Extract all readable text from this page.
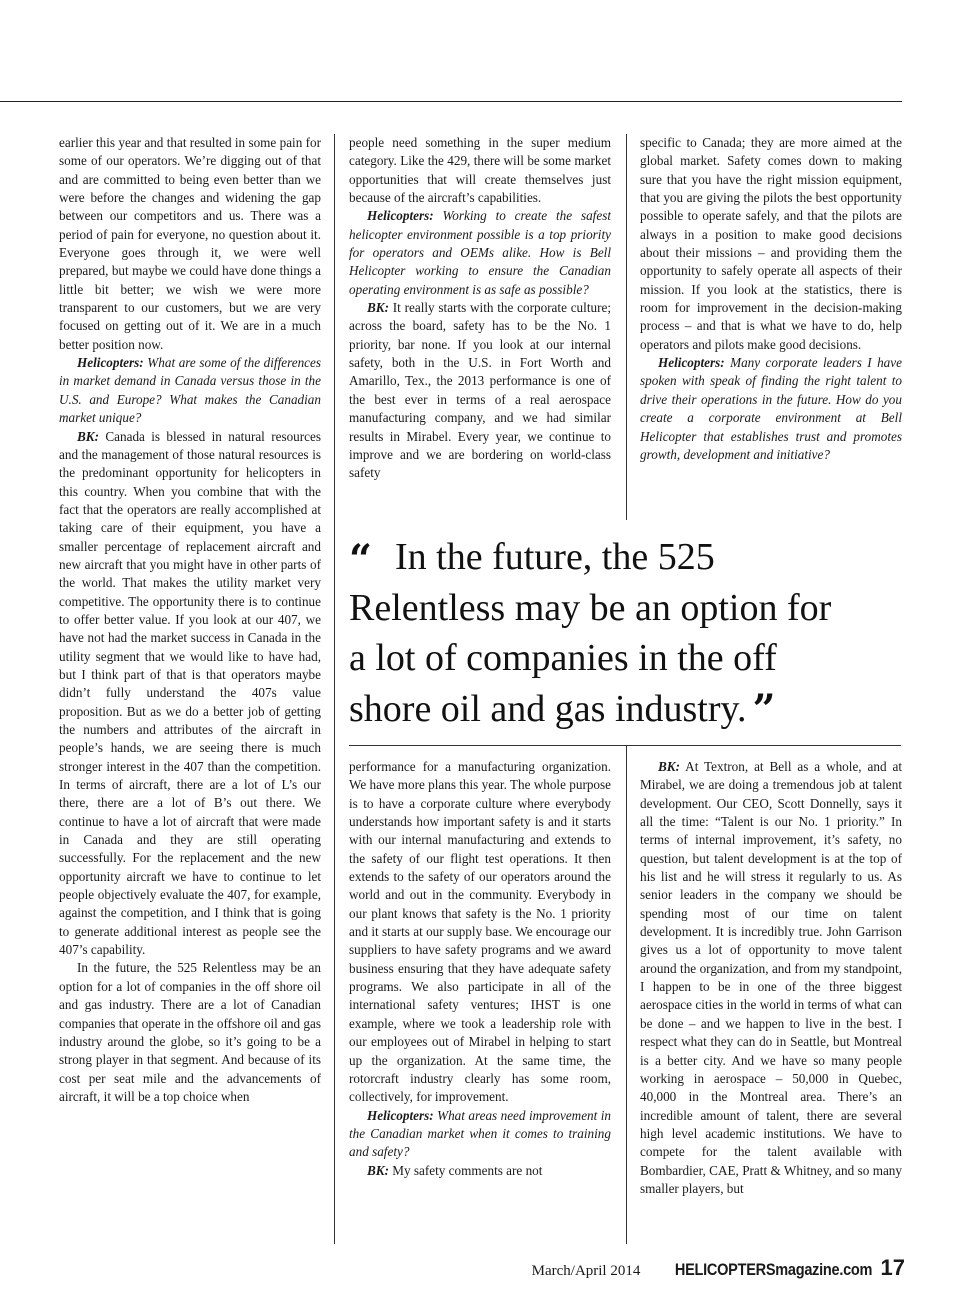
earlier this year and that resulted in some pain for some of our operators. We’re digging out of that and are committed to being even better than we were before the changes and widening the gap between our competitors and us. There was a period of pain for everyone, no question about it. Everyone goes through it, we were well prepared, but maybe we could have done things a little bit better; we wish we were more transparent to our customers, but we are very focused on getting out of it. We are in a much better position now.

Helicopters: What are some of the differences in market demand in Canada versus those in the U.S. and Europe? What makes the Canadian market unique?

BK: Canada is blessed in natural resources and the management of those natural resources is the predominant opportunity for helicopters in this country. When you combine that with the fact that the operators are really accomplished at taking care of their equipment, you have a smaller percentage of replacement aircraft and new aircraft that you might have in other parts of the world. That makes the utility market very competitive. The opportunity there is to continue to offer better value. If you look at our 407, we have not had the market success in Canada in the utility segment that we would like to have had, but I think part of that is that operators maybe didn’t fully understand the 407s value proposition. But as we do a better job of getting the numbers and attributes of the aircraft in people’s hands, we are seeing there is much stronger interest in the 407 than the competition. In terms of aircraft, there are a lot of L’s our there, there are a lot of B’s out there. We continue to have a lot of aircraft that were made in Canada and they are still operating successfully. For the replacement and the new opportunity aircraft we have to continue to let people objectively evaluate the 407, for example, against the competition, and I think that is going to generate additional interest as people see the 407’s capability.

In the future, the 525 Relentless may be an option for a lot of companies in the off shore oil and gas industry. There are a lot of Canadian companies that operate in the offshore oil and gas industry around the globe, so it’s going to be a strong player in that segment. And because of its cost per seat mile and the advancements of aircraft, it will be a top choice when

people need something in the super medium category. Like the 429, there will be some market opportunities that will create themselves just because of the aircraft’s capabilities.

Helicopters: Working to create the safest helicopter environment possible is a top priority for operators and OEMs alike. How is Bell Helicopter working to ensure the Canadian operating environment is as safe as possible?

BK: It really starts with the corporate culture; across the board, safety has to be the No. 1 priority, bar none. If you look at our internal safety, both in the U.S. in Fort Worth and Amarillo, Tex., the 2013 performance is one of the best ever in terms of a real aerospace manufacturing company, and we had similar results in Mirabel. Every year, we continue to improve and we are bordering on world-class safety

specific to Canada; they are more aimed at the global market. Safety comes down to making sure that you have the right mission equipment, that you are giving the pilots the best opportunity possible to operate safely, and that the pilots are always in a position to make good decisions about their missions – and providing them the opportunity to safely operate all aspects of their mission. If you look at the statistics, there is room for improvement in the decision-making process – and that is what we have to do, help operators and pilots make good decisions.

Helicopters: Many corporate leaders I have spoken with speak of finding the right talent to drive their operations in the future. How do you create a corporate environment at Bell Helicopter that establishes trust and promotes growth, development and initiative?

“ In the future, the 525
Relentless may be an option for
a lot of companies in the off
shore oil and gas industry. ”

performance for a manufacturing organization. We have more plans this year. The whole purpose is to have a corporate culture where everybody understands how important safety is and it starts with our internal manufacturing and extends to the safety of our flight test operations. It then extends to the safety of our operators around the world and out in the community. Everybody in our plant knows that safety is the No. 1 priority and it starts at our supply base. We encourage our suppliers to have safety programs and we award business ensuring that they have adequate safety programs. We also participate in all of the international safety ventures; IHST is one example, where we took a leadership role with our employees out of Mirabel in helping to start up the organization. At the same time, the rotorcraft industry clearly has some room, collectively, for improvement.

Helicopters: What areas need improvement in the Canadian market when it comes to training and safety?

BK: My safety comments are not

BK: At Textron, at Bell as a whole, and at Mirabel, we are doing a tremendous job at talent development. Our CEO, Scott Donnelly, says it all the time: “Talent is our No. 1 priority.” In terms of internal improvement, it’s safety, no question, but talent development is at the top of his list and he will stress it regularly to us. As senior leaders in the company we should be spending most of our time on talent development. It is incredibly true. John Garrison gives us a lot of opportunity to move talent around the organization, and from my standpoint, I happen to be in one of the three biggest aerospace cities in the world in terms of what can be done – and we happen to live in the best. I respect what they can do in Seattle, but Montreal is a better city. And we have so many people working in aerospace – 50,000 in Quebec, 40,000 in the Montreal area. There’s an incredible amount of talent, there are several high level academic institutions. We have to compete for the talent available with Bombardier, CAE, Pratt & Whitney, and so many smaller players, but

March/April 2014 HELICOPTERSmagazine.com 17
